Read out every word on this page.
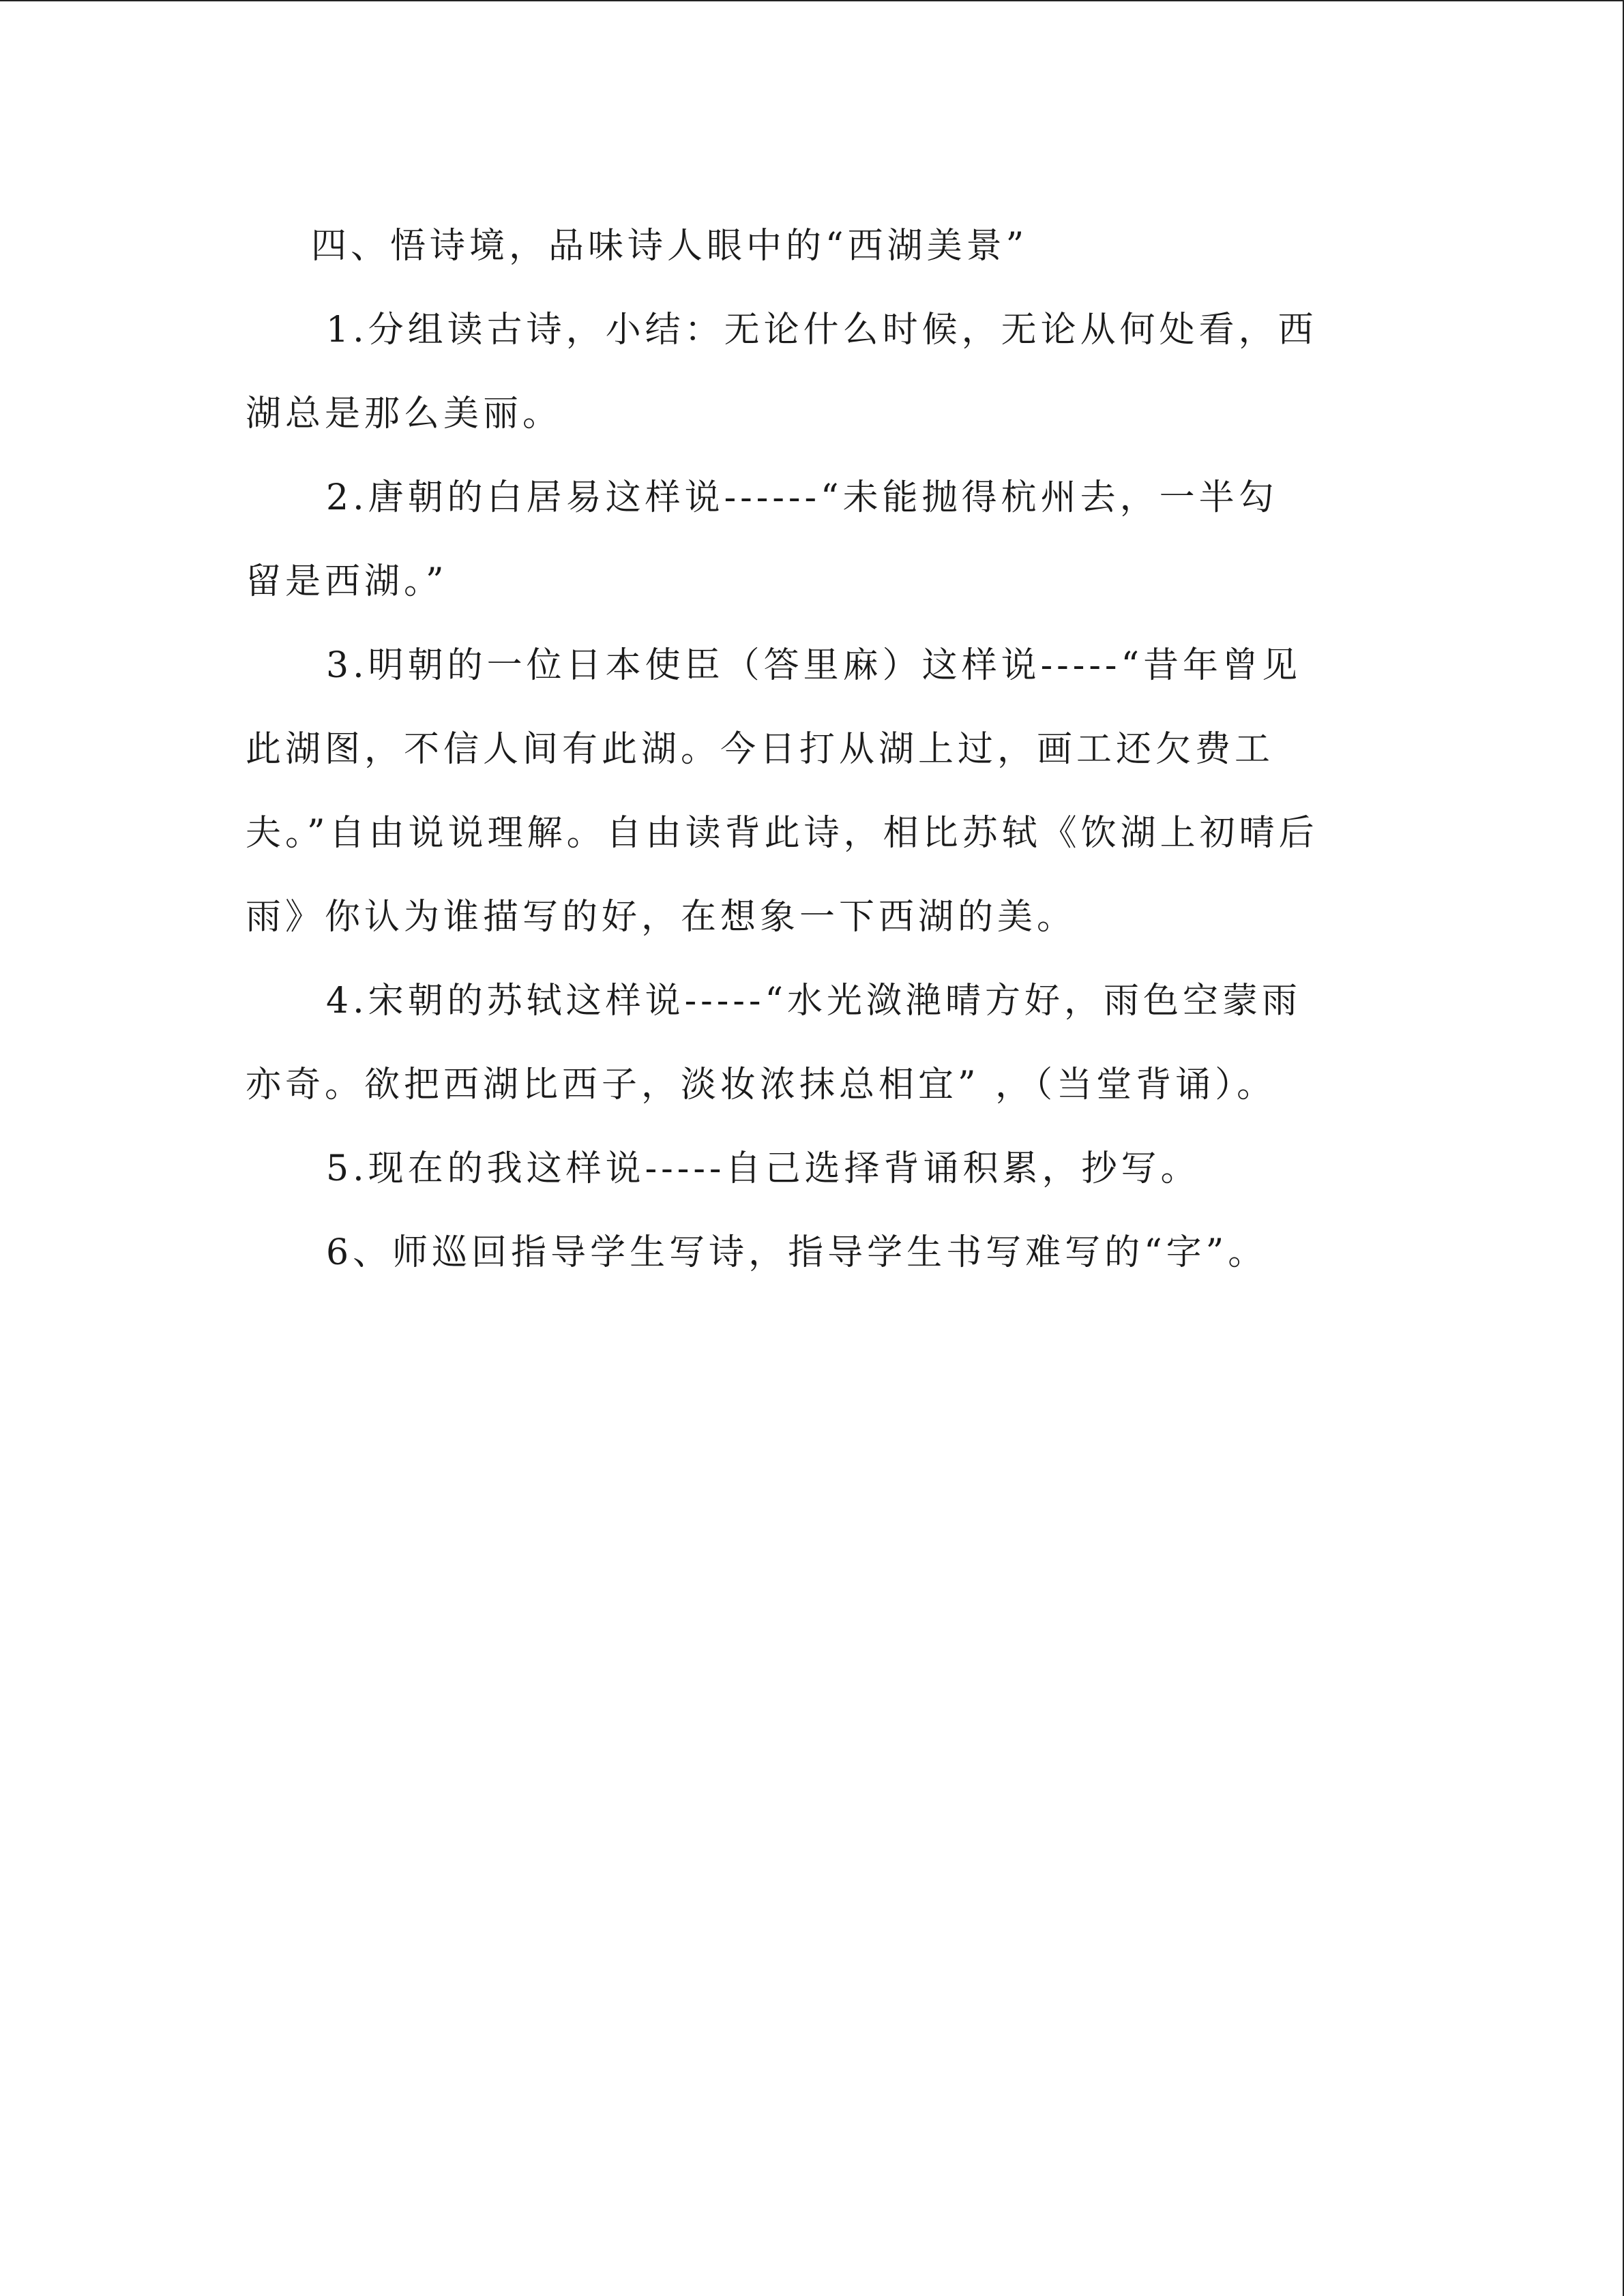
四、悟诗境，品味诗人眼中的“西湖美景”

1.分组读古诗，小结：无论什么时候，无论从何处看，西

湖总是那么美丽。

2.唐朝的白居易这样说------“未能抛得杭州去，一半勾

留是西湖。”

3.明朝的一位日本使臣（答里麻）这样说-----“昔年曾见

此湖图，不信人间有此湖。今日打从湖上过，画工还欠费工

夫。”自由说说理解。自由读背此诗，相比苏轼《饮湖上初晴后

雨》你认为谁描写的好，在想象一下西湖的美。

4.宋朝的苏轼这样说-----“水光潋滟晴方好，雨色空蒙雨

亦奇。欲把西湖比西子，淡妆浓抹总相宜” ，（当堂背诵）。

5.现在的我这样说-----自己选择背诵积累，抄写。

6、师巡回指导学生写诗，指导学生书写难写的“字”。
